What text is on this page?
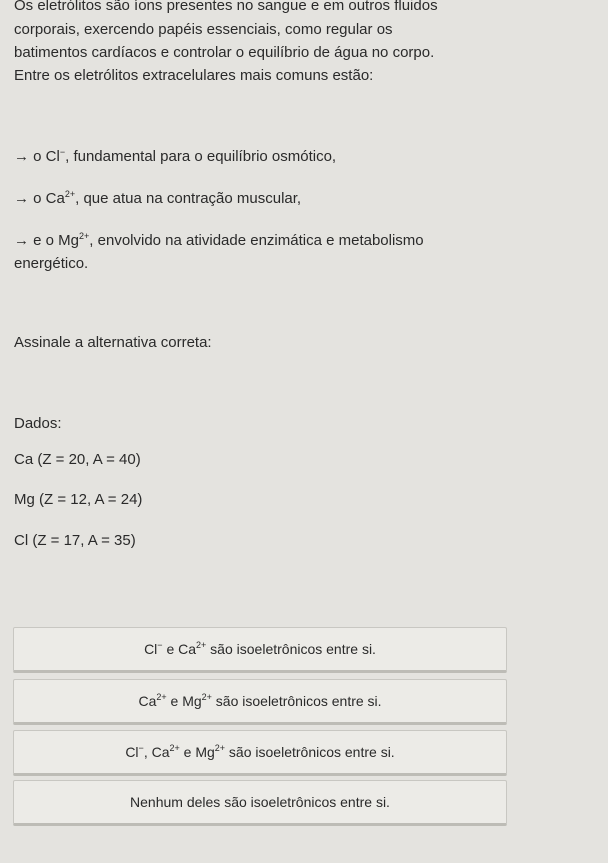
Os eletrólitos são íons presentes no sangue e em outros fluidos
corporais, exercendo papéis essenciais, como regular os
batimentos cardíacos e controlar o equilíbrio de água no corpo.
Entre os eletrólitos extracelulares mais comuns estão:
→ o Cl−, fundamental para o equilíbrio osmótico,
→ o $Ca^{2+}$, que atua na contração muscular,
→ e o $Mg^{2+}$, envolvido na atividade enzimática e metabolismo
energético.
Assinale a alternativa correta:
Dados:
Ca (Z = 20, A = 40)
Mg (Z = 12, A = 24)
Cl (Z = 17, A = 35)
Cl− e $Ca^{2+}$ são isoeletrônicos entre si.
$Ca^{2+}$ e $Mg^{2+}$ são isoeletrônicos entre si.
Cl−, $Ca^{2+}$ e $Mg^{2+}$ são isoeletrônicos entre si.
Nenhum deles são isoeletrônicos entre si.
